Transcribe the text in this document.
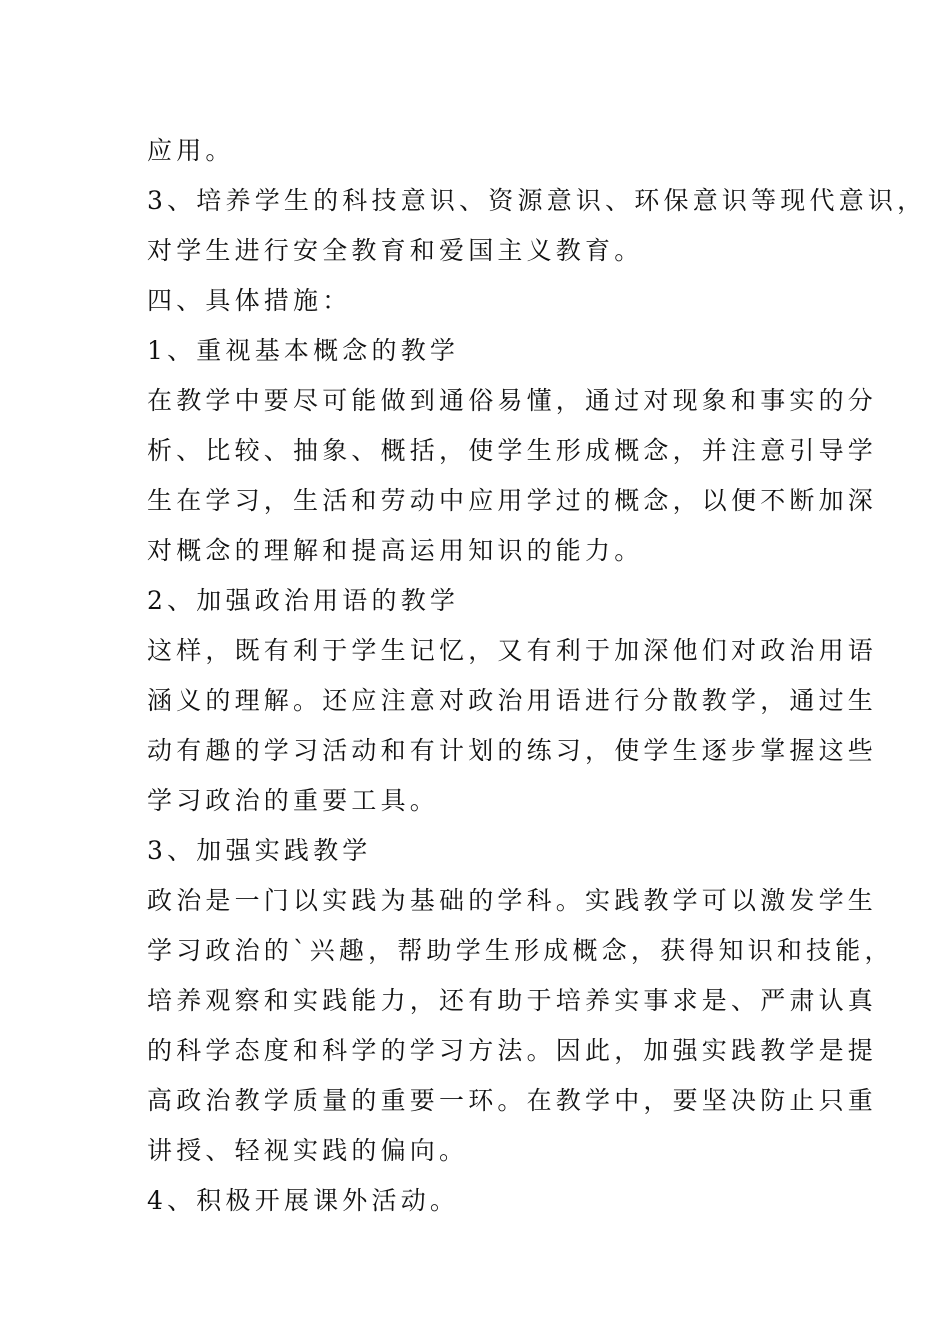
应用。
3、培养学生的科技意识、资源意识、环保意识等现代意识，
对学生进行安全教育和爱国主义教育。
四、具体措施：
1、重视基本概念的教学
在教学中要尽可能做到通俗易懂，通过对现象和事实的分
析、比较、抽象、概括，使学生形成概念，并注意引导学
生在学习，生活和劳动中应用学过的概念，以便不断加深
对概念的理解和提高运用知识的能力。
2、加强政治用语的教学
这样，既有利于学生记忆，又有利于加深他们对政治用语
涵义的理解。还应注意对政治用语进行分散教学，通过生
动有趣的学习活动和有计划的练习，使学生逐步掌握这些
学习政治的重要工具。
3、加强实践教学
政治是一门以实践为基础的学科。实践教学可以激发学生
学习政治的`兴趣，帮助学生形成概念，获得知识和技能，
培养观察和实践能力，还有助于培养实事求是、严肃认真
的科学态度和科学的学习方法。因此，加强实践教学是提
高政治教学质量的重要一环。在教学中，要坚决防止只重
讲授、轻视实践的偏向。
4、积极开展课外活动。
